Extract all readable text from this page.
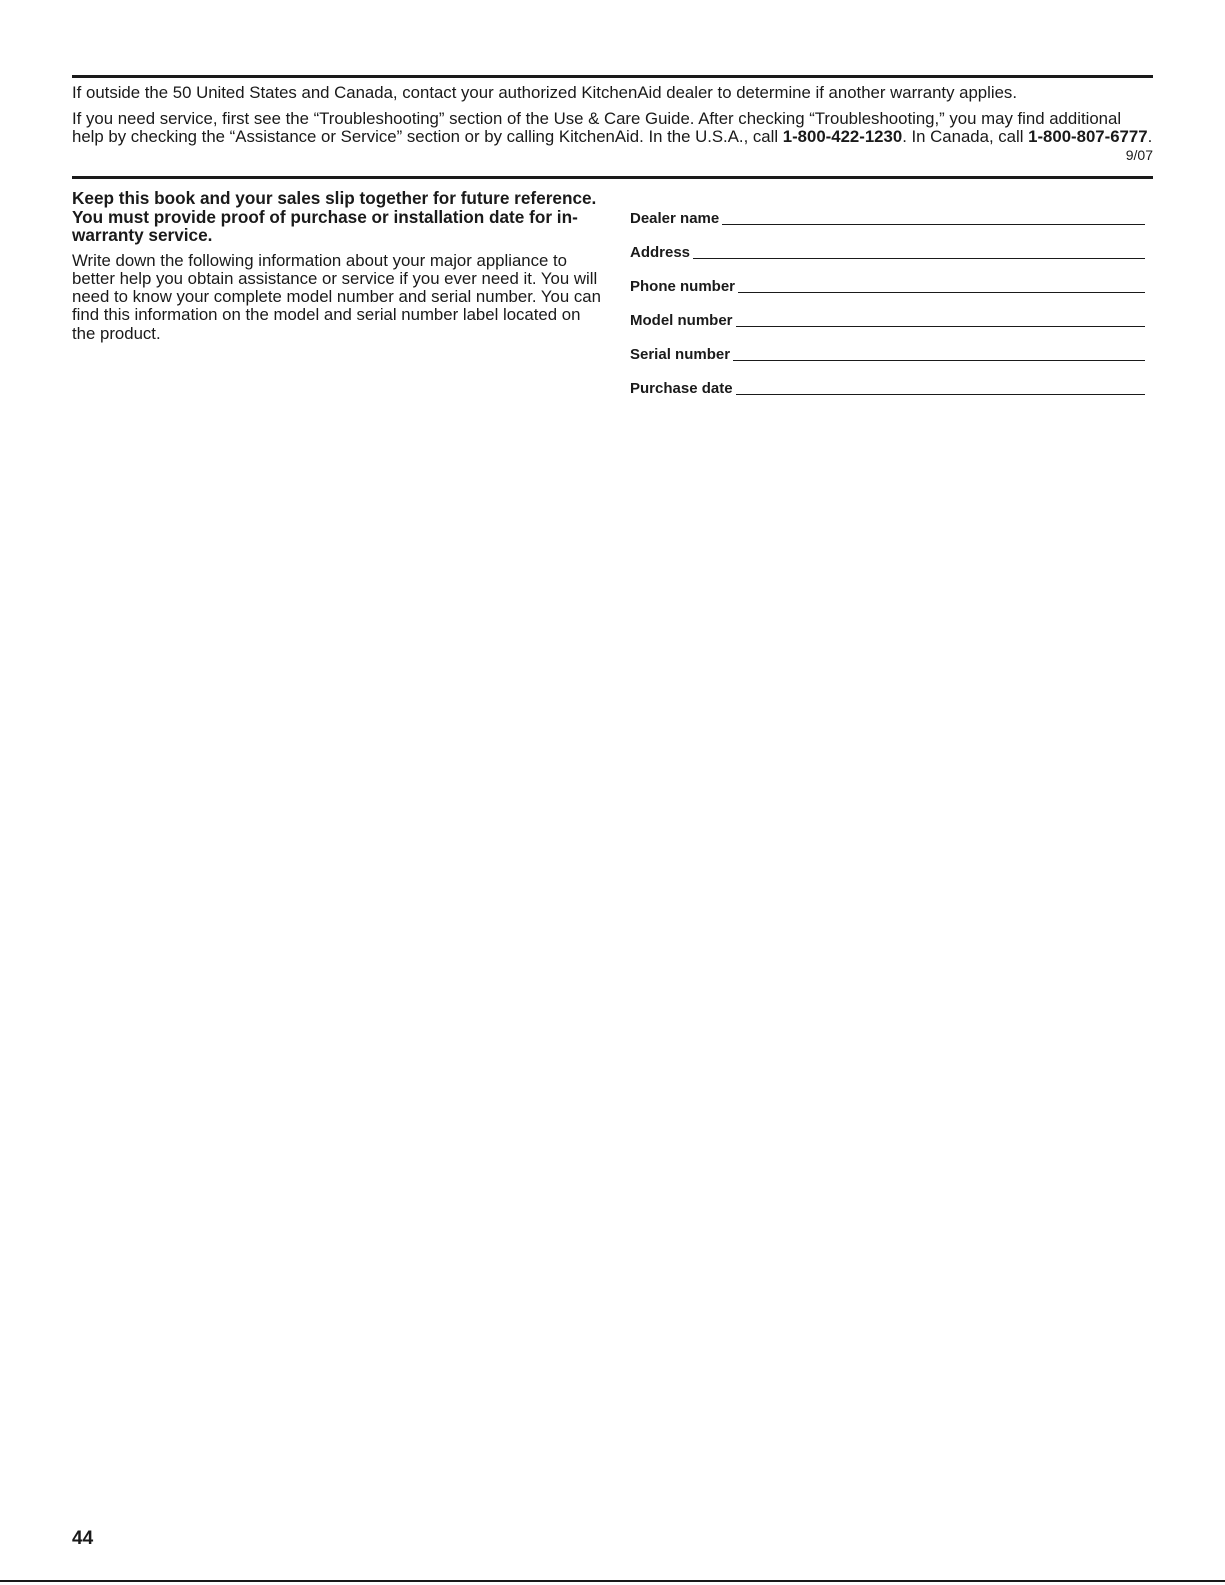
If outside the 50 United States and Canada, contact your authorized KitchenAid dealer to determine if another warranty applies.
If you need service, first see the “Troubleshooting” section of the Use & Care Guide. After checking “Troubleshooting,” you may find additional help by checking the “Assistance or Service” section or by calling KitchenAid. In the U.S.A., call 1-800-422-1230. In Canada, call 1-800-807-6777.
9/07

Keep this book and your sales slip together for future reference. You must provide proof of purchase or installation date for in-warranty service.

Write down the following information about your major appliance to better help you obtain assistance or service if you ever need it. You will need to know your complete model number and serial number. You can find this information on the model and serial number label located on the product.

Dealer name
Address
Phone number
Model number
Serial number
Purchase date
44
